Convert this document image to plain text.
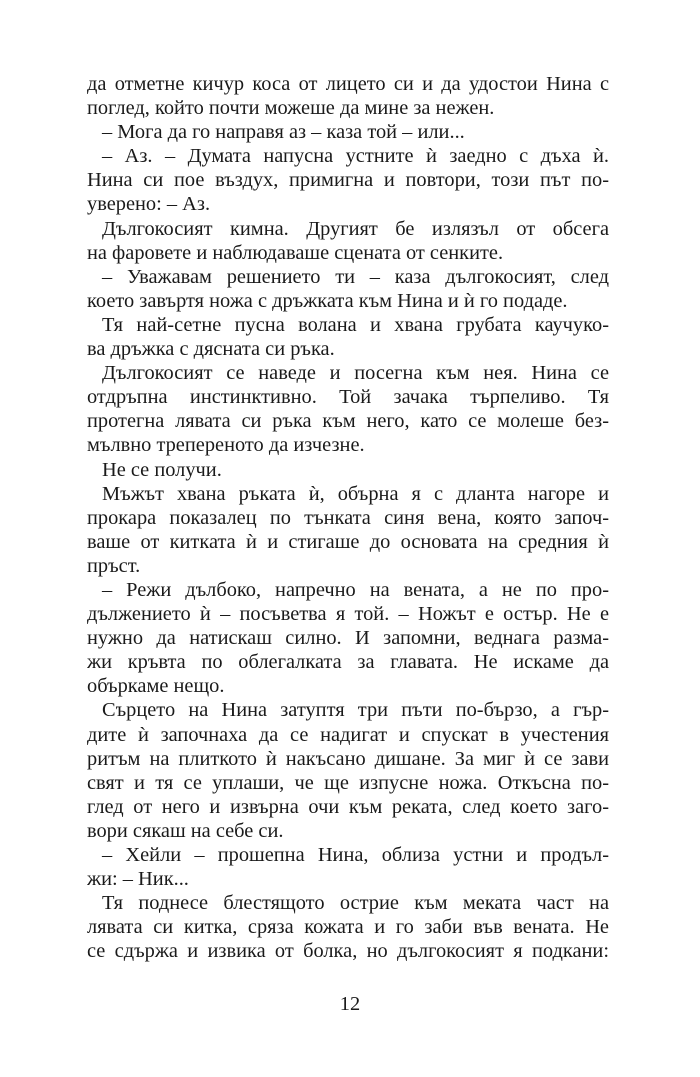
да отметне кичур коса от лицето си и да удостои Нина с
поглед, който почти можеше да мине за нежен.
– Мога да го направя аз – каза той – или...
– Аз. – Думата напусна устните ѝ заедно с дъха ѝ.
Нина си пое въздух, примигна и повтори, този път по-
уверено: – Аз.
Дългокосият кимна. Другият бе излязъл от обсега
на фаровете и наблюдаваше сцената от сенките.
– Уважавам решението ти – каза дългокосият, след
което завъртя ножа с дръжката към Нина и ѝ го подаде.
Тя най-сетне пусна волана и хвана грубата каучуко-
ва дръжка с дясната си ръка.
Дългокосият се наведе и посегна към нея. Нина се
отдръпна инстинктивно. Той зачака търпеливо. Тя
протегна лявата си ръка към него, като се молеше без-
мълвно трепереното да изчезне.
Не се получи.
Мъжът хвана ръката ѝ, обърна я с дланта нагоре и
прокара показалец по тънката синя вена, която започ-
ваше от китката ѝ и стигаше до основата на средния ѝ
пръст.
– Режи дълбоко, напречно на вената, а не по про-
дължението ѝ – посъветва я той. – Ножът е остър. Не е
нужно да натискаш силно. И запомни, веднага разма-
жи кръвта по облегалката за главата. Не искаме да
объркаме нещо.
Сърцето на Нина затуптя три пъти по-бързо, а гър-
дите ѝ започнаха да се надигат и спускат в учестения
ритъм на плиткото ѝ накъсано дишане. За миг ѝ се зави
свят и тя се уплаши, че ще изпусне ножа. Откъсна по-
глед от него и извърна очи към реката, след което заго-
вори сякаш на себе си.
– Хейли – прошепна Нина, облиза устни и продъл-
жи: – Ник...
Тя поднесе блестящото острие към меката част на
лявата си китка, сряза кожата и го заби във вената. Не
се сдържа и извика от болка, но дългокосият я подкани:
12
